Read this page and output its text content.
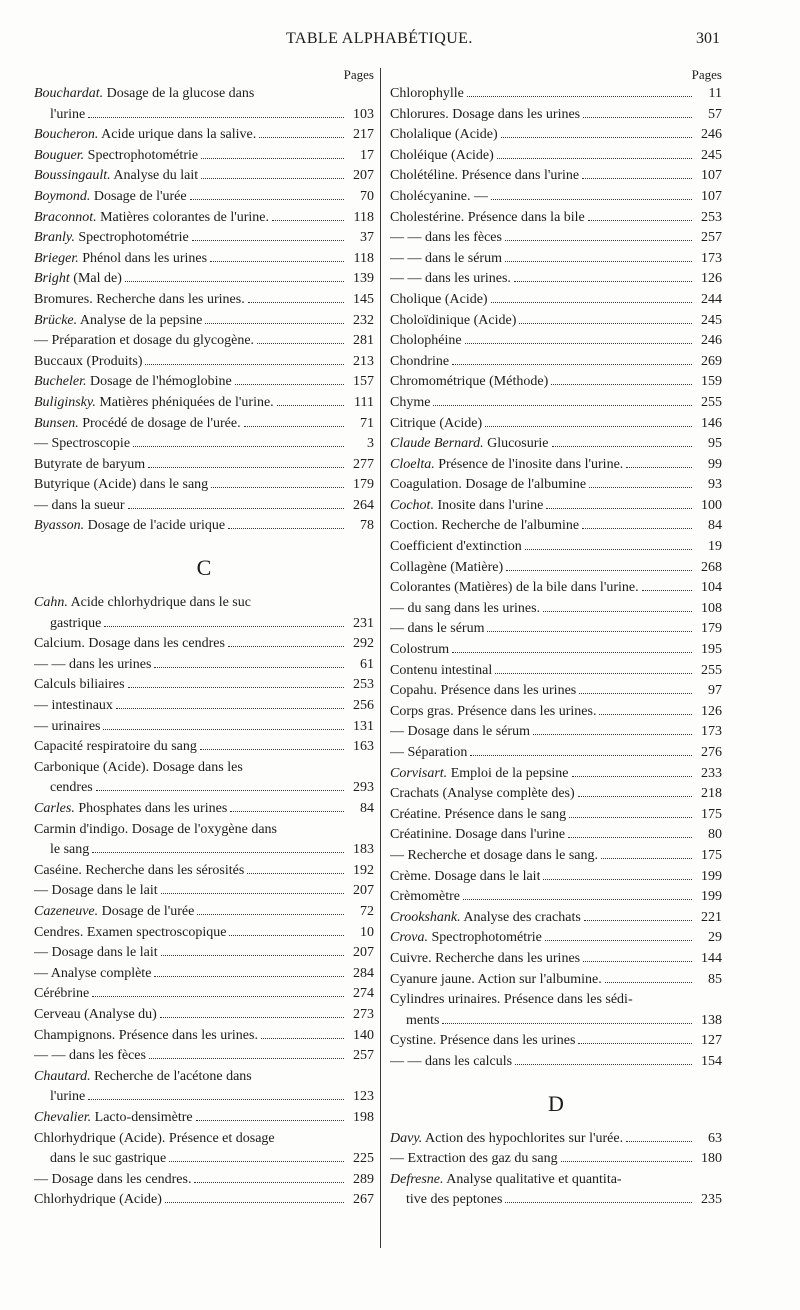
TABLE ALPHABÉTIQUE.	301
Pages
Bouchardat. Dosage de la glucose dans
l'urine	103
Boucheron. Acide urique dans la salive.	217
Bouguer. Spectrophotométrie	17
Boussingault. Analyse du lait	207
Boymond. Dosage de l'urée	70
Braconnot. Matières colorantes de l'urine.	118
Branly. Spectrophotométrie	37
Brieger. Phénol dans les urines	118
Bright (Mal de)	139
Bromures. Recherche dans les urines.	145
Brücke. Analyse de la pepsine	232
— Préparation et dosage du glycogène.	281
Buccaux (Produits)	213
Bucheler. Dosage de l'hémoglobine	157
Buliginsky. Matières phéniquées de l'urine.	111
Bunsen. Procédé de dosage de l'urée.	71
— Spectroscopie	3
Butyrate de baryum	277
Butyrique (Acide) dans le sang	179
— dans la sueur	264
Byasson. Dosage de l'acide urique	78
C
Cahn. Acide chlorhydrique dans le suc
gastrique	231
Calcium. Dosage dans les cendres	292
— — dans les urines	61
Calculs biliaires	253
— intestinaux	256
— urinaires	131
Capacité respiratoire du sang	163
Carbonique (Acide). Dosage dans les
cendres	293
Carles. Phosphates dans les urines	84
Carmin d'indigo. Dosage de l'oxygène dans
le sang	183
Caséine. Recherche dans les sérosités	192
— Dosage dans le lait	207
Cazeneuve. Dosage de l'urée	72
Cendres. Examen spectroscopique	10
— Dosage dans le lait	207
— Analyse complète	284
Cérébrine	274
Cerveau (Analyse du)	273
Champignons. Présence dans les urines.	140
— — dans les fèces	257
Chautard. Recherche de l'acétone dans
l'urine	123
Chevalier. Lacto-densimètre	198
Chlorhydrique (Acide). Présence et dosage
dans le suc gastrique	225
— Dosage dans les cendres.	289
Chlorhydrique (Acide)	267
Pages
Chlorophylle	11
Chlorures. Dosage dans les urines	57
Cholalique (Acide)	246
Choléique (Acide)	245
Cholétéline. Présence dans l'urine	107
Cholécyanine. —	107
Cholestérine. Présence dans la bile	253
— — dans les fèces	257
— — dans le sérum	173
— — dans les urines.	126
Cholique (Acide)	244
Choloïdinique (Acide)	245
Cholophéine	246
Chondrine	269
Chromométrique (Méthode)	159
Chyme	255
Citrique (Acide)	146
Claude Bernard. Glucosurie	95
Cloelta. Présence de l'inosite dans l'urine.	99
Coagulation. Dosage de l'albumine	93
Cochot. Inosite dans l'urine	100
Coction. Recherche de l'albumine	84
Coefficient d'extinction	19
Collagène (Matière)	268
Colorantes (Matières) de la bile dans l'urine.	104
— du sang dans les urines.	108
— dans le sérum	179
Colostrum	195
Contenu intestinal	255
Copahu. Présence dans les urines	97
Corps gras. Présence dans les urines.	126
— Dosage dans le sérum	173
— Séparation	276
Corvisart. Emploi de la pepsine	233
Crachats (Analyse complète des)	218
Créatine. Présence dans le sang	175
Créatinine. Dosage dans l'urine	80
— Recherche et dosage dans le sang.	175
Crème. Dosage dans le lait	199
Crèmomètre	199
Crookshank. Analyse des crachats	221
Crova. Spectrophotométrie	29
Cuivre. Recherche dans les urines	144
Cyanure jaune. Action sur l'albumine.	85
Cylindres urinaires. Présence dans les sédi-
ments	138
Cystine. Présence dans les urines	127
— — dans les calculs	154
D
Davy. Action des hypochlorites sur l'urée.	63
— Extraction des gaz du sang	180
Defresne. Analyse qualitative et quantita-
tive des peptones	235
